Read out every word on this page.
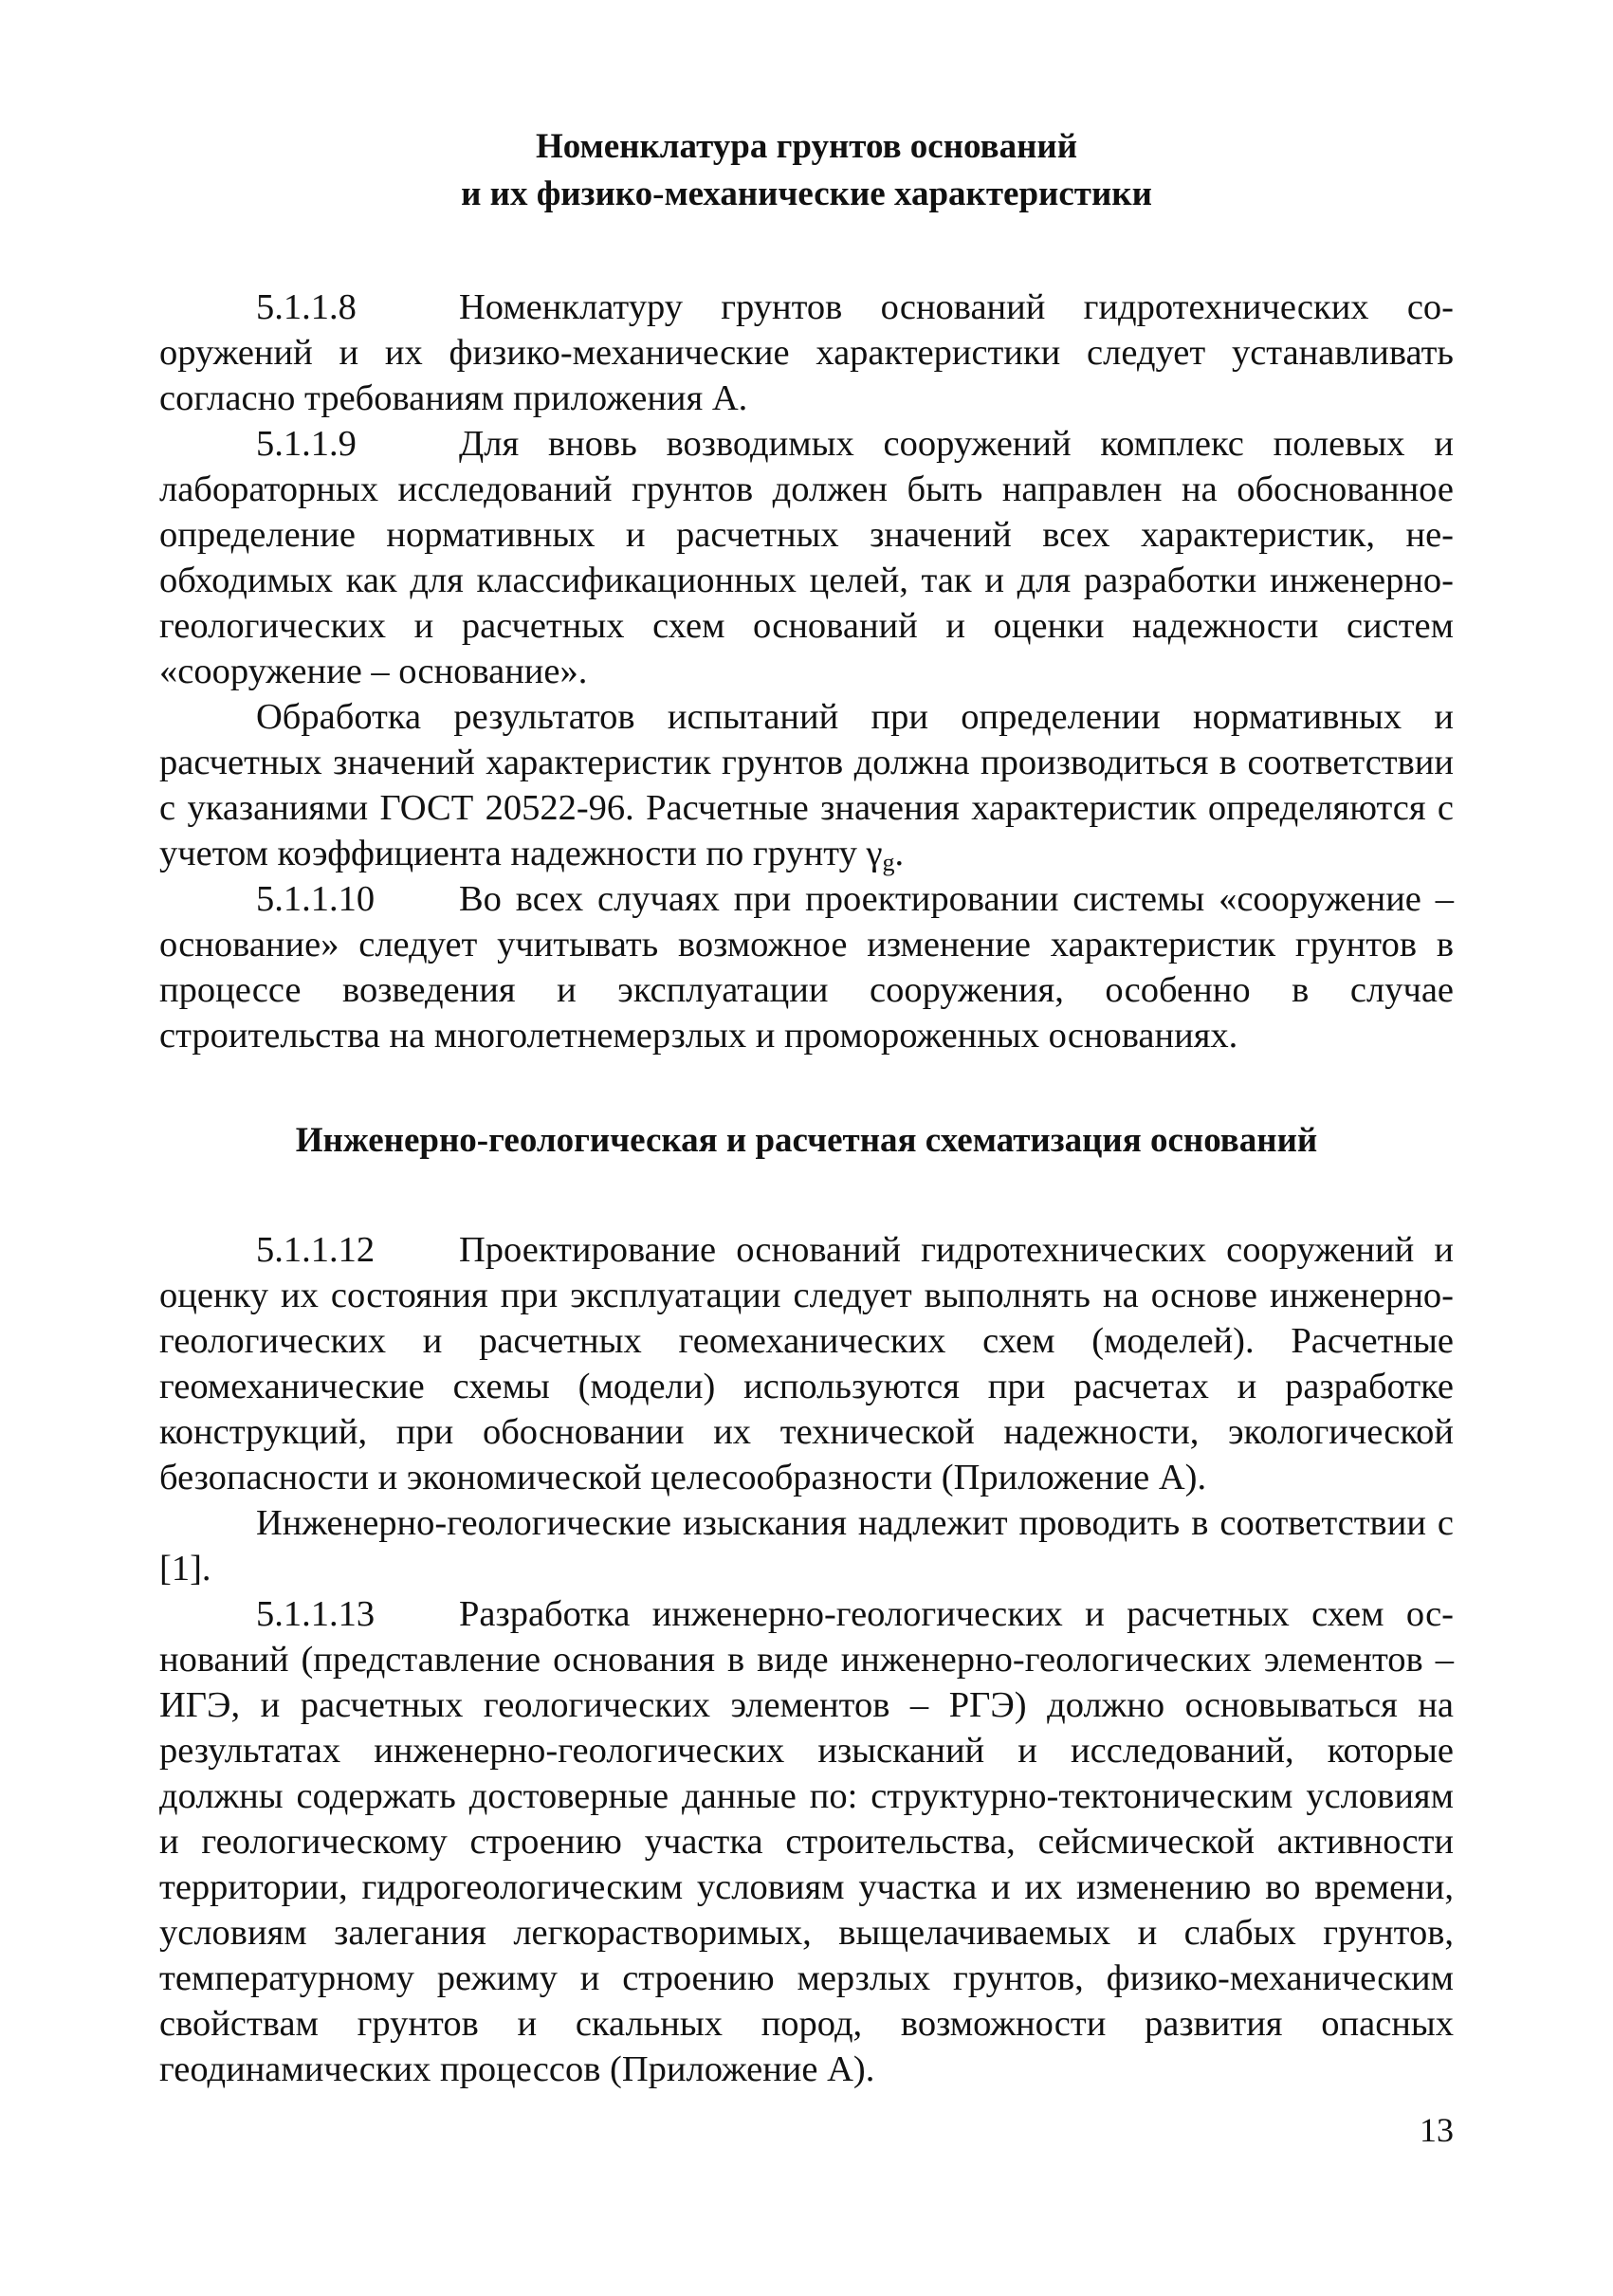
Номенклатура грунтов оснований
и их физико-механические характеристики

5.1.1.8	Номенклатуру грунтов оснований гидротехнических сооружений и их физико-механические характеристики следует устанавливать согласно требованиям приложения А.

5.1.1.9	Для вновь возводимых сооружений комплекс полевых и лабораторных исследований грунтов должен быть направлен на обоснованное определение нормативных и расчетных значений всех характеристик, необходимых как для классификационных целей, так и для разработки инженерно-геологических и расчетных схем оснований и оценки надежности систем «сооружение – основание».

Обработка результатов испытаний при определении нормативных и расчетных значений характеристик грунтов должна производиться в соответствии с указаниями ГОСТ 20522-96. Расчетные значения характеристик определяются с учетом коэффициента надежности по грунту $\gamma_g$.

5.1.1.10 Во всех случаях при проектировании системы «сооружение – основание» следует учитывать возможное изменение характеристик грунтов в процессе возведения и эксплуатации сооружения, особенно в случае строительства на многолетнемерзлых и промороженных основаниях.

Инженерно-геологическая и расчетная схематизация оснований

5.1.1.12 Проектирование оснований гидротехнических сооружений и оценку их состояния при эксплуатации следует выполнять на основе инженерно-геологических и расчетных геомеханических схем (моделей). Расчетные геомеханические схемы (модели) используются при расчетах и разработке конструкций, при обосновании их технической надежности, экологической безопасности и экономической целесообразности (Приложение А).

Инженерно-геологические изыскания надлежит проводить в соответствии с [1].

5.1.1.13 Разработка инженерно-геологических и расчетных схем оснований (представление основания в виде инженерно-геологических элементов – ИГЭ, и расчетных геологических элементов – РГЭ) должно основываться на результатах инженерно-геологических изысканий и исследований, которые должны содержать достоверные данные по: структурно-тектоническим условиям и геологическому строению участка строительства, сейсмической активности территории, гидрогеологическим условиям участка и их изменению во времени, условиям залегания легкорастворимых, выщелачиваемых и слабых грунтов, температурному режиму и строению мерзлых грунтов, физико-механическим свойствам грунтов и скальных пород, возможности развития опасных геодинамических процессов (Приложение А).

13
